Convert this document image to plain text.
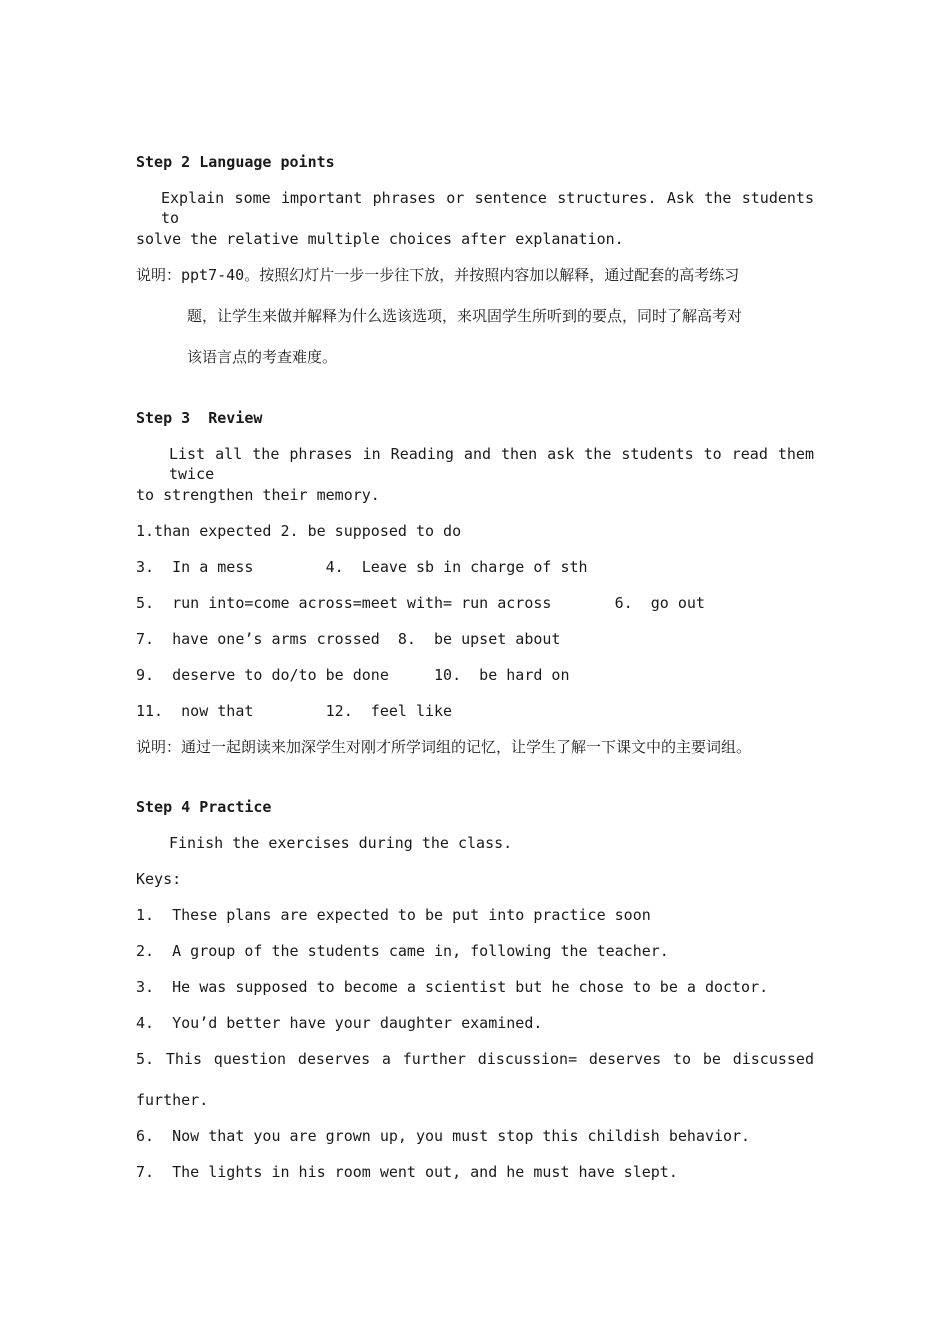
Step 2 Language points
Explain some important phrases or sentence structures. Ask the students to
solve the relative multiple choices after explanation.
说明：ppt7-40。按照幻灯片一步一步往下放，并按照内容加以解释，通过配套的高考练习
题，让学生来做并解释为什么选该选项，来巩固学生所听到的要点，同时了解高考对
该语言点的考查难度。
Step 3  Review
List all the phrases in Reading and then ask the students to read them twice
to strengthen their memory.
1.than expected 2. be supposed to do
3.  In a mess        4.  Leave sb in charge of sth
5.  run into=come across=meet with= run across       6.  go out
7.  have one’s arms crossed  8.  be upset about
9.  deserve to do/to be done     10.  be hard on
11.  now that        12.  feel like
说明：通过一起朗读来加深学生对刚才所学词组的记忆，让学生了解一下课文中的主要词组。
Step 4 Practice
Finish the exercises during the class.
Keys:
1.  These plans are expected to be put into practice soon
2.  A group of the students came in, following the teacher.
3.  He was supposed to become a scientist but he chose to be a doctor.
4.  You’d better have your daughter examined.
5. This question deserves a further discussion= deserves to be discussed
further.
6.  Now that you are grown up, you must stop this childish behavior.
7.  The lights in his room went out, and he must have slept.
